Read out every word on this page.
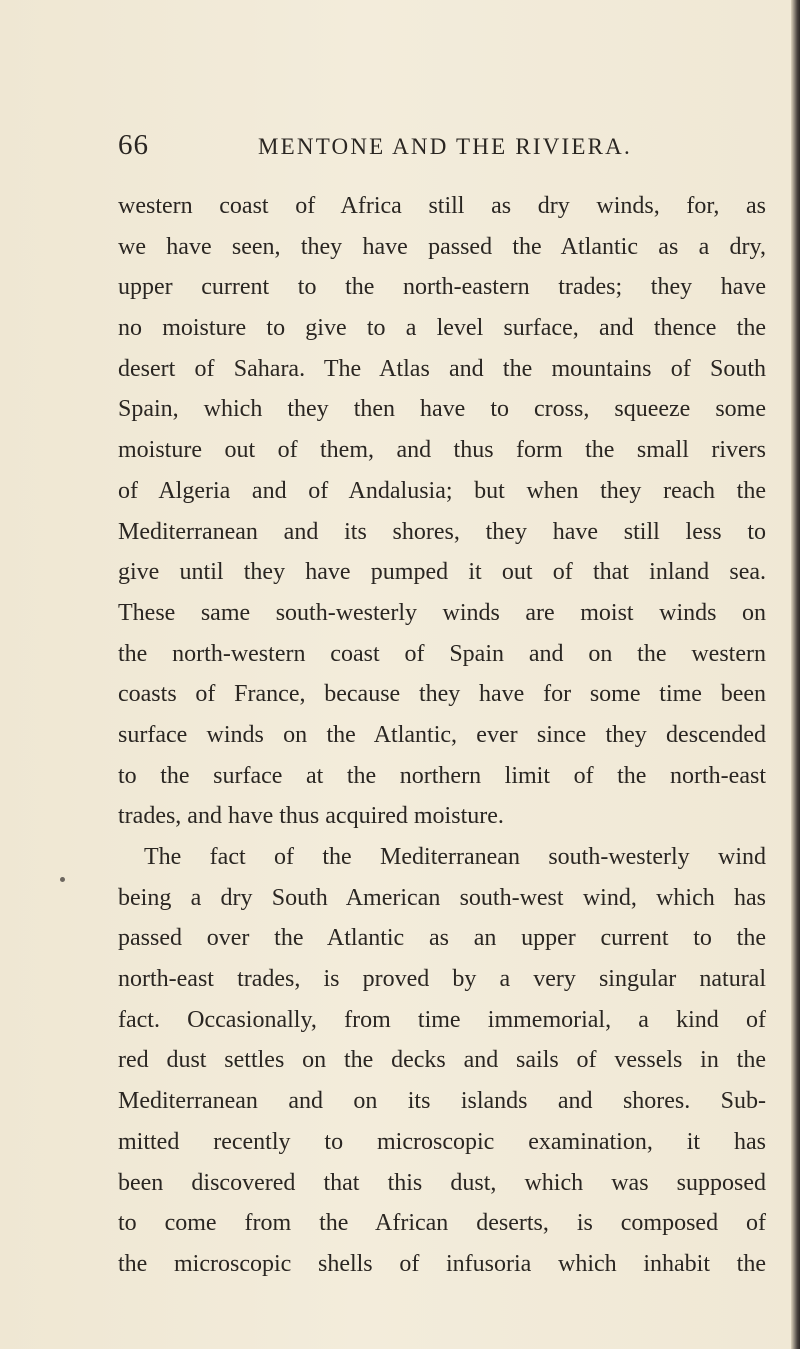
66	MENTONE AND THE RIVIERA.
western coast of Africa still as dry winds, for, as
we have seen, they have passed the Atlantic as a dry,
upper current to the north-eastern trades; they have
no moisture to give to a level surface, and thence the
desert of Sahara. The Atlas and the mountains of South
Spain, which they then have to cross, squeeze some
moisture out of them, and thus form the small rivers
of Algeria and of Andalusia; but when they reach the
Mediterranean and its shores, they have still less to
give until they have pumped it out of that inland sea.
These same south-westerly winds are moist winds on
the north-western coast of Spain and on the western
coasts of France, because they have for some time been
surface winds on the Atlantic, ever since they descended
to the surface at the northern limit of the north-east
trades, and have thus acquired moisture.
The fact of the Mediterranean south-westerly wind
being a dry South American south-west wind, which has
passed over the Atlantic as an upper current to the
north-east trades, is proved by a very singular natural
fact. Occasionally, from time immemorial, a kind of
red dust settles on the decks and sails of vessels in the
Mediterranean and on its islands and shores. Sub-
mitted recently to microscopic examination, it has
been discovered that this dust, which was supposed
to come from the African deserts, is composed of
the microscopic shells of infusoria which inhabit the
